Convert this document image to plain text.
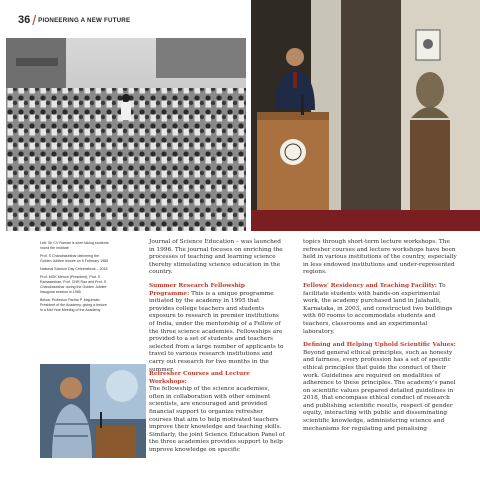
36 / PIONEERING A NEW FUTURE

Left: Sir CV Raman is seen taking students round the Institute

Prof. S Chandrasekhar delivering the Golden Jubilee lecture on 6 February 1985

National Science Day Celebrations – 2018

Prof. MGK Menon (President), Prof. S Ramaseshan, Prof. CNR Rao and Prof. S Chandrasekhar during the Golden Jubilee inaugural session in 1985

Below: Professor Partha P. Majumder, President of the Academy, giving a lecture in a Mid Year Meeting of the Academy

Journal of Science Education – was launched in 1996. The journal focuses on enriching the processes of teaching and learning science thereby stimulating science education in the country.

Summer Research Fellowship Programme: This is a unique programme initiated by the academy in 1995 that provides college teachers and students exposure to research in premier institutions of India, under the mentorship of a Fellow of the three science academies. Fellowships are provided to a set of students and teachers selected from a large number of applicants to travel to various research institutions and carry out research for two months in the summer.

Refresher Courses and Lecture Workshops:
The fellowship of the science academies, often in collaboration with other eminent scientists, are encouraged and provided financial support to organize refresher courses that aim to help motivated teachers improve their knowledge and teaching skills. Similarly, the joint Science Education Panel of the three academies provides support to help improve knowledge on specific

topics through short-term lecture workshops. The refresher courses and lecture workshops have been held in various institutions of the country, especially in less endowed institutions and under-represented regions.

Fellows' Residency and Teaching Facility: To facilitate students with hands-on experimental work, the academy purchased land in Jalahalli, Karnataka, in 2003, and constructed two buildings with 60 rooms to accommodate students and teachers, classrooms and an experimental laboratory.

Defining and Helping Uphold Scientific Values:
Beyond general ethical principles, such as honesty and fairness, every profession has a set of specific ethical principles that guide the conduct of their work. Guidelines are required on modalities of adherence to these principles. The academy's panel on scientific values prepared detailed guidelines in 2018, that encompass ethical conduct of research and publishing scientific results, respect of gender equity, interacting with public and disseminating scientific knowledge, administering science and mechanisms for regulating and penalising
